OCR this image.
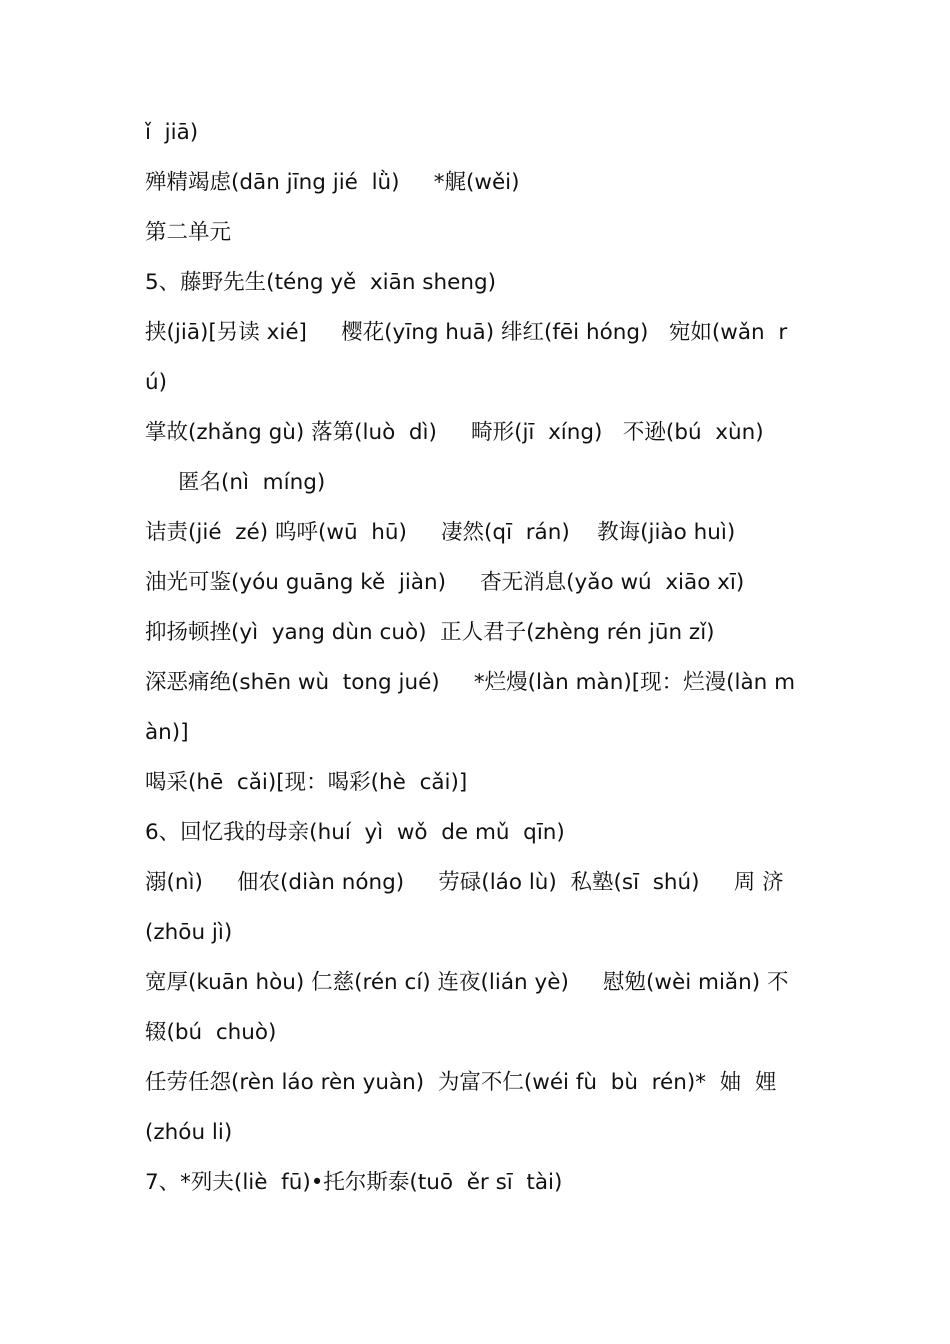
ǐ  jiā)
殚精竭虑(dān jīng jié  lǜ)     *艉(wěi)
第二单元
5、藤野先生(téng yě  xiān sheng)
挟(jiā)[另读 xié]     樱花(yīng huā) 绯红(fēi hóng)   宛如(wǎn  r
ú)
掌故(zhǎng gù) 落第(luò  dì)     畸形(jī  xíng)   不逊(bú  xùn)
匿名(nì  míng)
诘责(jié  zé) 呜呼(wū  hū)     凄然(qī  rán)    教诲(jiào huì)
油光可鉴(yóu guāng kě  jiàn)     杳无消息(yǎo wú  xiāo xī)
抑扬顿挫(yì  yang dùn cuò)  正人君子(zhèng rén jūn zǐ)
深恶痛绝(shēn wù  tong jué)     *烂熳(làn màn)[现：烂漫(làn m
àn)]
喝采(hē  cǎi)[现：喝彩(hè  cǎi)]
6、回忆我的母亲(huí  yì  wǒ  de mǔ  qīn)
溺(nì)     佃农(diàn nóng)     劳碌(láo lù)  私塾(sī  shú)     周 济
(zhōu jì)
宽厚(kuān hòu) 仁慈(rén cí) 连夜(lián yè)     慰勉(wèi miǎn) 不
辍(bú  chuò)
任劳任怨(rèn láo rèn yuàn)  为富不仁(wéi fù  bù  rén)*  妯  娌
(zhóu li)
7、*列夫(liè  fū)•托尔斯泰(tuō  ěr sī  tài)
